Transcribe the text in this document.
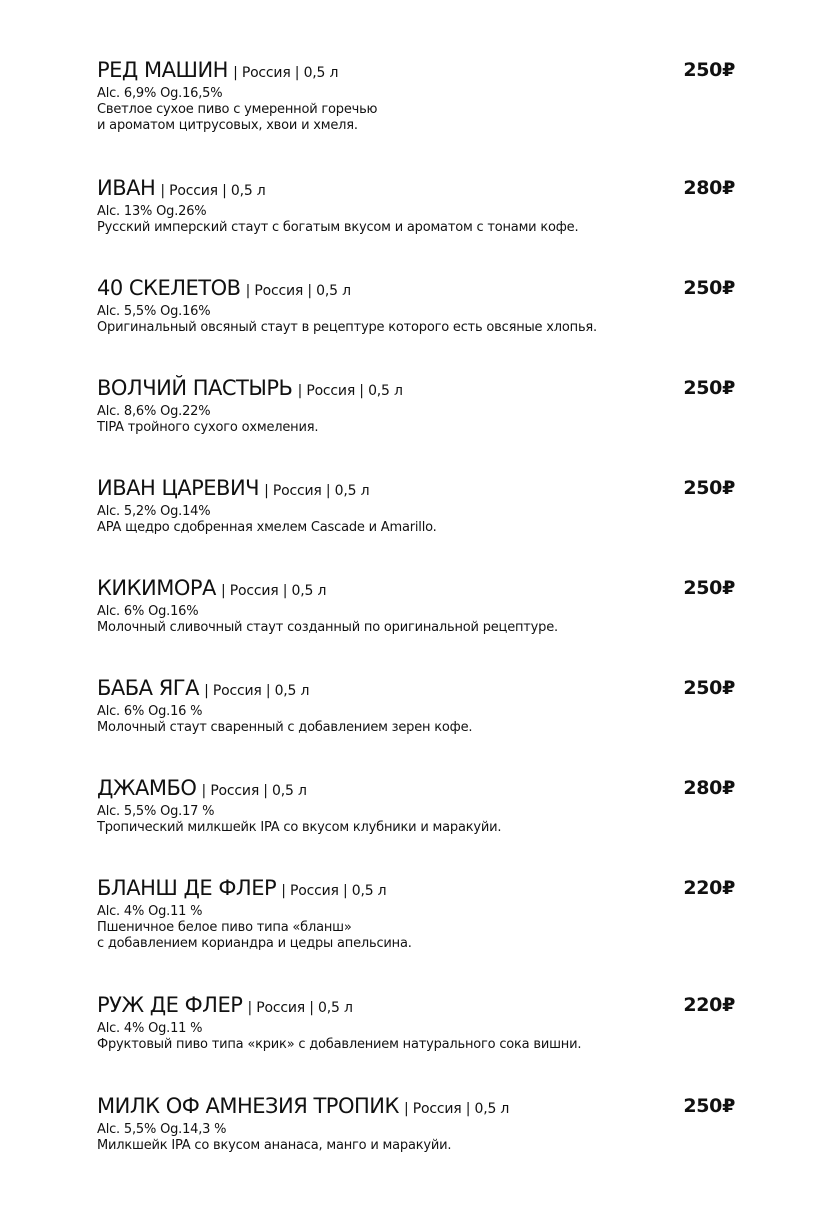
РЕД МАШИН | Россия | 0,5 л	250₽
Alc. 6,9% Og.16,5%
Светлое сухое пиво с умеренной горечью
и ароматом цитрусовых, хвои и хмеля.
ИВАН | Россия | 0,5 л	280₽
Alc. 13% Og.26%
Русский имперский стаут с богатым вкусом и ароматом с тонами кофе.
40 СКЕЛЕТОВ | Россия | 0,5 л	250₽
Alc. 5,5% Og.16%
Оригинальный овсяный стаут в рецептуре которого есть овсяные хлопья.
ВОЛЧИЙ ПАСТЫРЬ | Россия | 0,5 л	250₽
Alc. 8,6% Og.22%
TIPA тройного сухого охмеления.
ИВАН ЦАРЕВИЧ | Россия | 0,5 л	250₽
Alc. 5,2% Og.14%
APA щедро сдобренная хмелем Cascade и Amarillo.
КИКИМОРА | Россия | 0,5 л	250₽
Alc. 6% Og.16%
Молочный сливочный стаут созданный по оригинальной рецептуре.
БАБА ЯГА | Россия | 0,5 л	250₽
Alc. 6% Og.16 %
Молочный стаут сваренный с добавлением зерен кофе.
ДЖАМБО | Россия | 0,5 л	280₽
Alc. 5,5% Og.17 %
Тропический милкшейк IPA со вкусом клубники и маракуйи.
БЛАНШ ДЕ ФЛЕР | Россия | 0,5 л	220₽
Alc. 4% Og.11 %
Пшеничное белое пиво типа «бланш»
с добавлением кориандра и цедры апельсина.
РУЖ ДЕ ФЛЕР | Россия | 0,5 л	220₽
Alc. 4% Og.11 %
Фруктовый пиво типа «крик» с добавлением натурального сока вишни.
МИЛК ОФ АМНЕЗИЯ ТРОПИК | Россия | 0,5 л	250₽
Alc. 5,5% Og.14,3 %
Милкшейк IPA со вкусом ананаса, манго и маракуйи.
